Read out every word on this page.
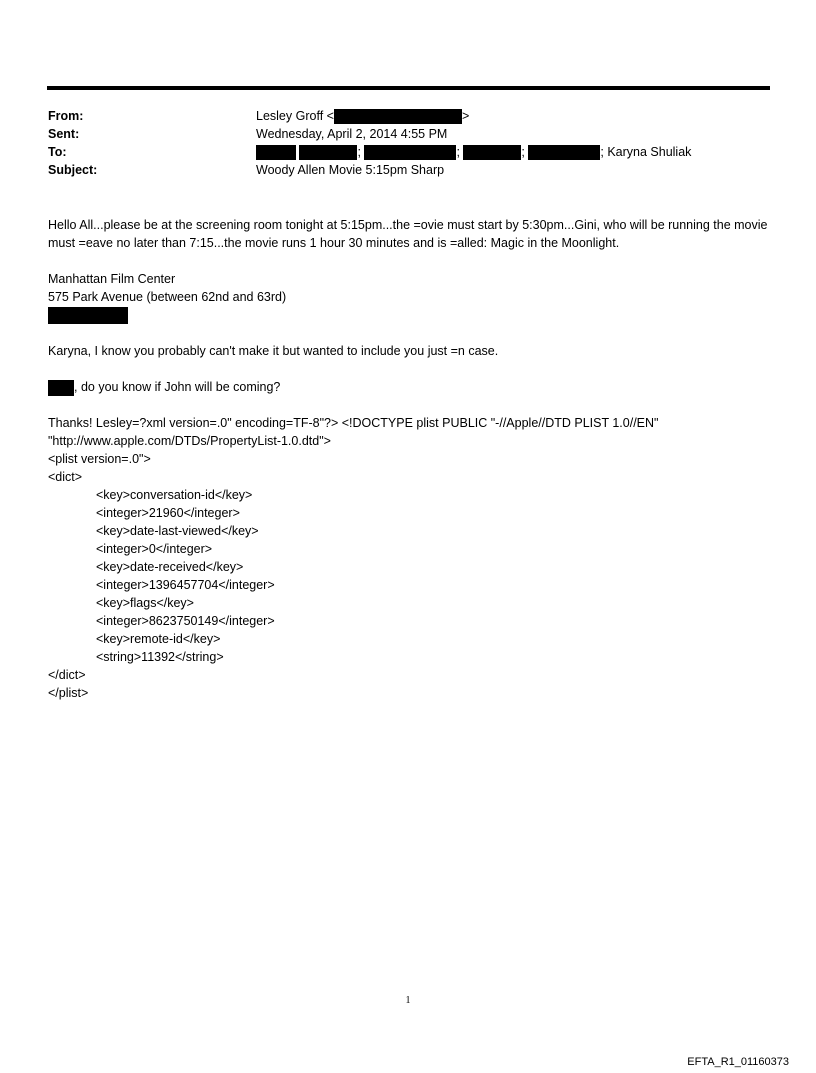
From:	Lesley Groff <	>
Sent:	Wednesday, April 2, 2014 4:55 PM
To:	;	;	;	; Karyna Shuliak
Subject:	Woody Allen Movie 5:15pm Sharp

Hello All...please be at the screening room tonight at 5:15pm...the =ovie must start by 5:30pm...Gini, who will be running the movie must =eave no later than 7:15...the movie runs 1 hour 30 minutes and is =alled: Magic in the Moonlight.

Manhattan Film Center

575 Park Avenue (between 62nd and 63rd)

Karyna, I know you probably can't make it but wanted to include you just =n case.

, do you know if John will be coming?

Thanks! Lesley=?xml version=.0" encoding=TF-8"?> <!DOCTYPE plist PUBLIC "-//Apple//DTD PLIST 1.0//EN"

"http://www.apple.com/DTDs/PropertyList-1.0.dtd">

<plist version=.0">

<dict>

<key>conversation-id</key>

<integer>21960</integer>

<key>date-last-viewed</key>

<integer>0</integer>

<key>date-received</key>

<integer>1396457704</integer>

<key>flags</key>

<integer>8623750149</integer>

<key>remote-id</key>

<string>11392</string>

</dict>

</plist>

1
EFTA_R1_01160373
